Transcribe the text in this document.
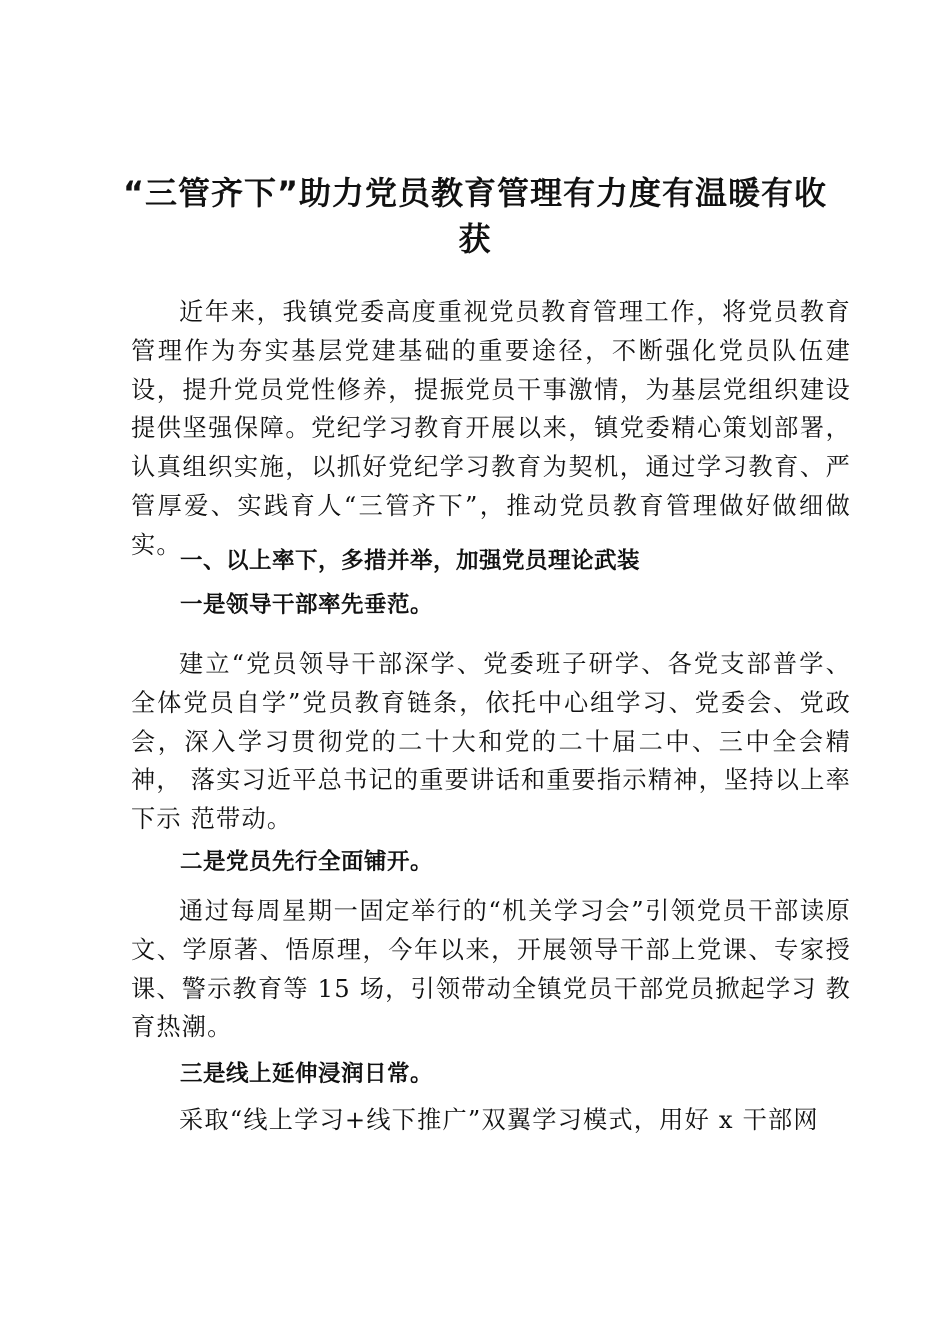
“三管齐下”助力党员教育管理有力度有温暖有收获

近年来，我镇党委高度重视党员教育管理工作，将党员教育管理作为夯实基层党建基础的重要途径，不断强化党员队伍建设，提升党员党性修养，提振党员干事激情，为基层党组织建设提供坚强保障。党纪学习教育开展以来，镇党委精心策划部署，认真组织实施，以抓好党纪学习教育为契机，通过学习教育、严管厚爱、实践育人“三管齐下”，推动党员教育管理做好做细做实。

一、以上率下，多措并举，加强党员理论武装
一是领导干部率先垂范。

建立“党员领导干部深学、党委班子研学、各党支部普学、全体党员自学”党员教育链条，依托中心组学习、党委会、党政会，深入学习贯彻党的二十大和党的二十届二中、三中全会精神， 落实习近平总书记的重要讲话和重要指示精神，坚持以上率下示 范带动。

二是党员先行全面铺开。

通过每周星期一固定举行的“机关学习会”引领党员干部读原文、学原著、悟原理，今年以来，开展领导干部上党课、专家授课、警示教育等 15 场，引领带动全镇党员干部党员掀起学习 教育热潮。

三是线上延伸浸润日常。

采取“线上学习+线下推广”双翼学习模式，用好 x 干部网
